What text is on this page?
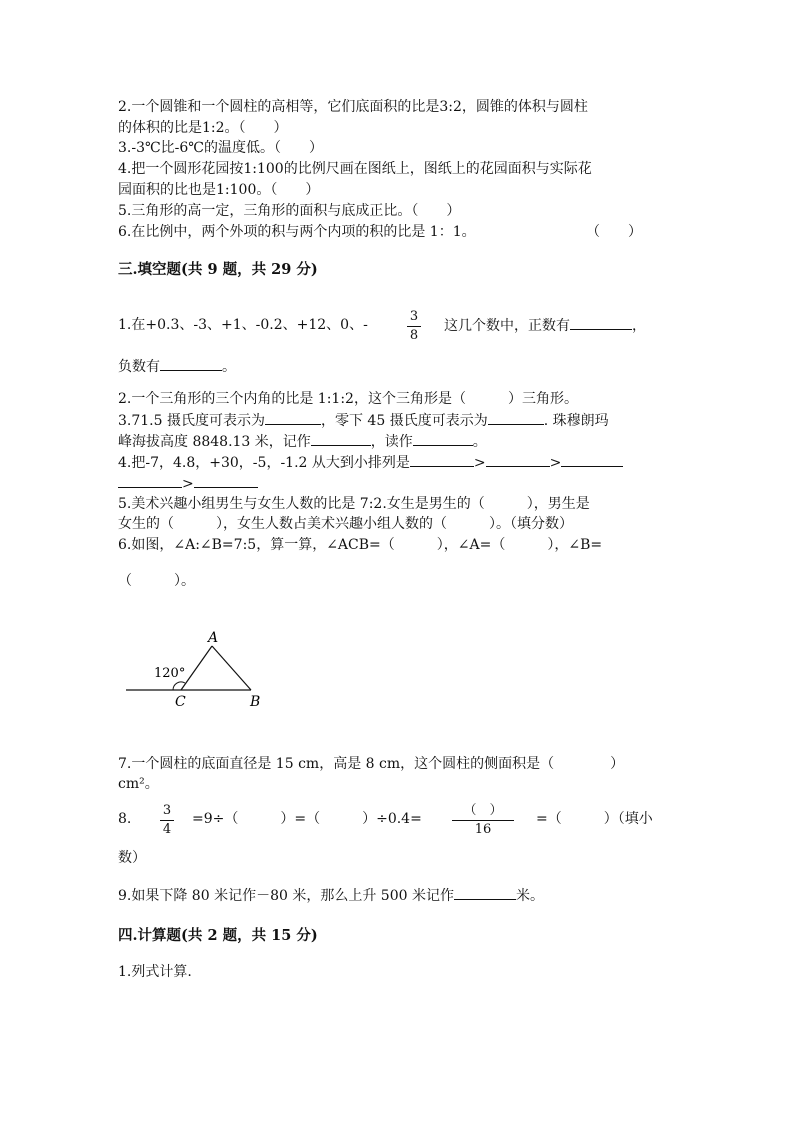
2.一个圆锥和一个圆柱的高相等，它们底面积的比是3:2，圆锥的体积与圆柱
的体积的比是1:2。（　　）
3.-3℃比-6℃的温度低。（　　）
4.把一个圆形花园按1:100的比例尺画在图纸上，图纸上的花园面积与实际花
园面积的比也是1:100。（　　）
5.三角形的高一定，三角形的面积与底成正比。（　　）
6.在比例中，两个外项的积与两个内项的积的比是 1：1。	（　　）
三.填空题(共 9 题，共 29 分)
1.在+0.3、-3、+1、-0.2、+12、0、-
3
8
这几个数中，正数有	，
负数有	。
2.一个三角形的三个内角的比是 1:1:2，这个三角形是（　　　）三角形。
3.71.5 摄氏度可表示为	，零下 45 摄氏度可表示为	. 珠穆朗玛
峰海拔高度 8848.13 米，记作	，读作	。
4.把-7，4.8，+30，-5，-1.2 从大到小排列是	>	>
>
5.美术兴趣小组男生与女生人数的比是 7:2.女生是男生的（　　　），男生是
女生的（　　　），女生人数占美术兴趣小组人数的（　　　）。（填分数）
6.如图，∠A:∠B=7:5，算一算，∠ACB=（　　　），∠A=（　　　），∠B=
（　　　）。
A
B
C
120°
7.一个圆柱的底面直径是 15 cm，高是 8 cm，这个圆柱的侧面积是（　　　　）
cm²。
8.
3
4
=9÷（　　　）=（　　　）÷0.4=
（　）
16
=（　　　）（填小
数）
9.如果下降 80 米记作－80 米，那么上升 500 米记作	米。
四.计算题(共 2 题，共 15 分)
1.列式计算.
